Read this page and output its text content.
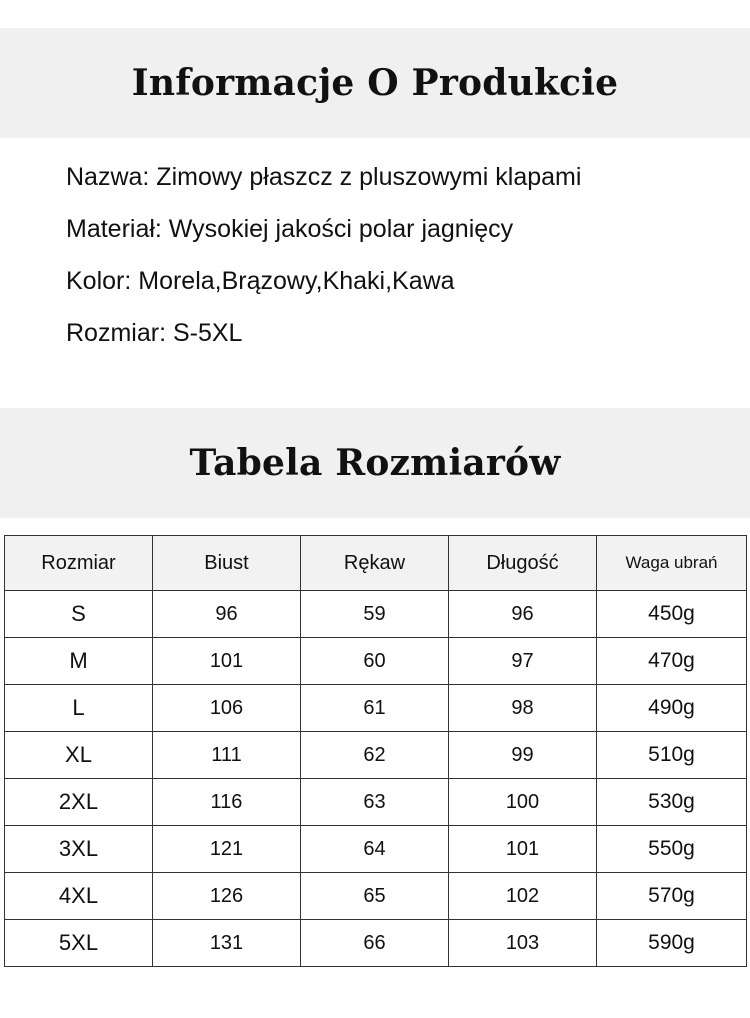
Informacje O Produkcie
Nazwa: Zimowy płaszcz z pluszowymi klapami
Materiał: Wysokiej jakości polar jagnięcy
Kolor: Morela,Brązowy,Khaki,Kawa
Rozmiar: S-5XL
Tabela Rozmiarów
Rozmiar	Biust	Rękaw	Długość	Waga ubrań
S	96	59	96	450g
M	101	60	97	470g
L	106	61	98	490g
XL	111	62	99	510g
2XL	116	63	100	530g
3XL	121	64	101	550g
4XL	126	65	102	570g
5XL	131	66	103	590g
